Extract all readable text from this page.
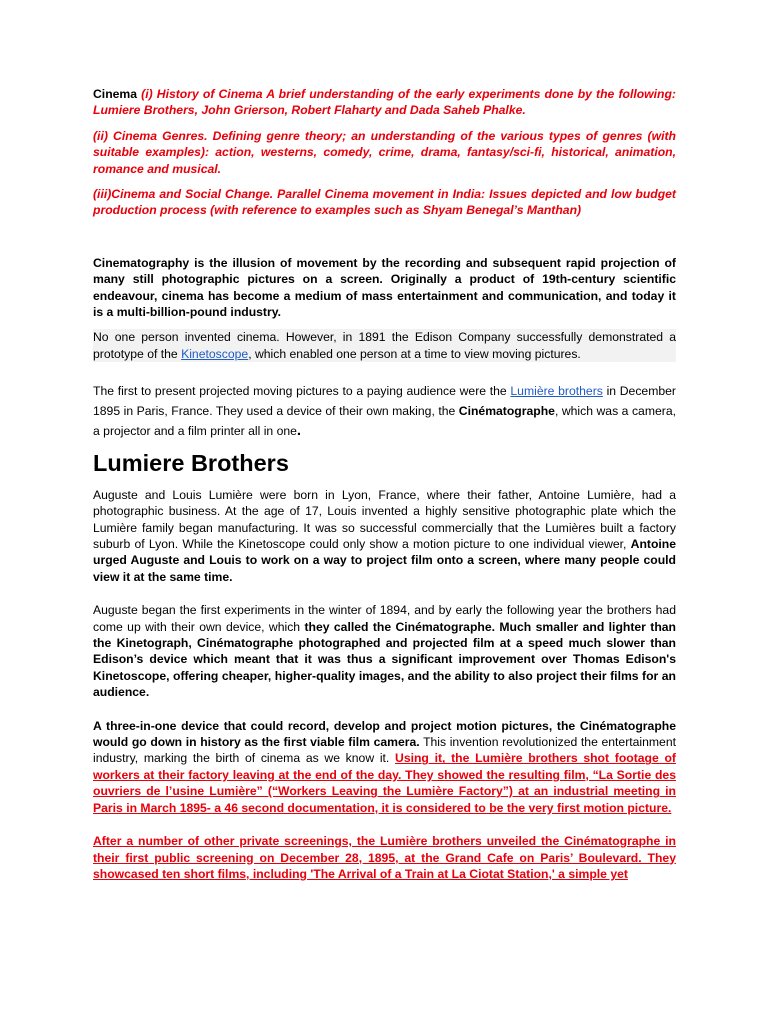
Cinema (i) History of Cinema A brief understanding of the early experiments done by the following: Lumiere Brothers, John Grierson, Robert Flaharty and Dada Saheb Phalke.

(ii) Cinema Genres. Defining genre theory; an understanding of the various types of genres (with suitable examples): action, westerns, comedy, crime, drama, fantasy/sci-fi, historical, animation, romance and musical.

(iii)Cinema and Social Change. Parallel Cinema movement in India: Issues depicted and low budget production process (with reference to examples such as Shyam Benegal’s Manthan)

Cinematography is the illusion of movement by the recording and subsequent rapid projection of many still photographic pictures on a screen. Originally a product of 19th-century scientific endeavour, cinema has become a medium of mass entertainment and communication, and today it is a multi-billion-pound industry.

No one person invented cinema. However, in 1891 the Edison Company successfully demonstrated a prototype of the Kinetoscope, which enabled one person at a time to view moving pictures.

The first to present projected moving pictures to a paying audience were the Lumière brothers in December 1895 in Paris, France. They used a device of their own making, the Cinématographe, which was a camera, a projector and a film printer all in one.

Lumiere Brothers

Auguste and Louis Lumière were born in Lyon, France, where their father, Antoine Lumière, had a photographic business. At the age of 17, Louis invented a highly sensitive photographic plate which the Lumière family began manufacturing. It was so successful commercially that the Lumières built a factory suburb of Lyon. While the Kinetoscope could only show a motion picture to one individual viewer, Antoine urged Auguste and Louis to work on a way to project film onto a screen, where many people could view it at the same time.

Auguste began the first experiments in the winter of 1894, and by early the following year the brothers had come up with their own device, which they called the Cinématographe. Much smaller and lighter than the Kinetograph, Cinématographe photographed and projected film at a speed much slower than Edison’s device which meant that it was thus a significant improvement over Thomas Edison's Kinetoscope, offering cheaper, higher-quality images, and the ability to also project their films for an audience.

A three-in-one device that could record, develop and project motion pictures, the Cinématographe would go down in history as the first viable film camera. This invention revolutionized the entertainment industry, marking the birth of cinema as we know it. Using it, the Lumière brothers shot footage of workers at their factory leaving at the end of the day. They showed the resulting film, “La Sortie des ouvriers de l’usine Lumière” (“Workers Leaving the Lumière Factory”) at an industrial meeting in Paris in March 1895- a 46 second documentation, it is considered to be the very first motion picture.

After a number of other private screenings, the Lumière brothers unveiled the Cinématographe in their first public screening on December 28, 1895, at the Grand Cafe on Paris’ Boulevard. They showcased ten short films, including 'The Arrival of a Train at La Ciotat Station,' a simple yet
